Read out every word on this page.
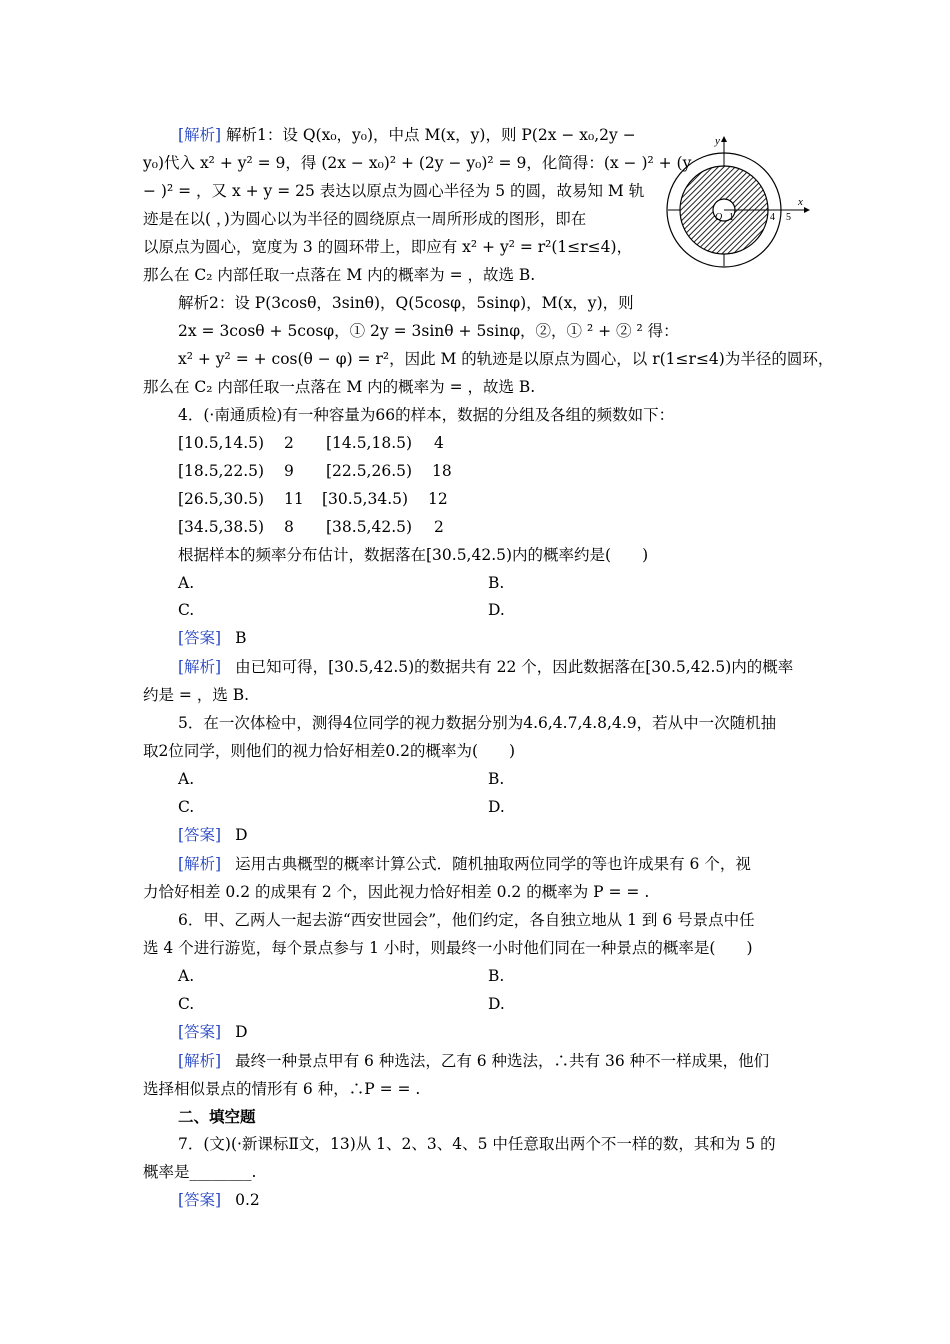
[解析] 解析1：设 Q(x₀，y₀)，中点 M(x，y)，则 P(2x − x₀,2y −
y₀)代入 x² + y² = 9，得 (2x − x₀)² + (2y − y₀)² = 9，化简得：(x − )² + (y
− )² = ，又 x + y = 25 表达以原点为圆心半径为 5 的圆，故易知 M 轨
迹是在以( ，)为圆心以为半径的圆绕原点一周所形成的图形，即在
以原点为圆心，宽度为 3 的圆环带上，即应有 x² + y² = r²(1≤r≤4)，
那么在 C₂ 内部任取一点落在 M 内的概率为 = ，故选 B.
解析2：设 P(3cosθ，3sinθ)，Q(5cosφ，5sinφ)，M(x，y)，则
2x = 3cosθ + 5cosφ，① 2y = 3sinθ + 5sinφ，②，① ² + ② ² 得：
x² + y² = + cos(θ − φ) = r²，因此 M 的轨迹是以原点为圆心，以 r(1≤r≤4)为半径的圆环，
那么在 C₂ 内部任取一点落在 M 内的概率为 = ，故选 B.
y
x
O 1	4 5
4．(·南通质检)有一种容量为66的样本，数据的分组及各组的频数如下：
[10.5,14.5) 2 [14.5,18.5) 4
[18.5,22.5) 9 [22.5,26.5) 18
[26.5,30.5) 11 [30.5,34.5) 12
[34.5,38.5) 8 [38.5,42.5) 2
根据样本的频率分布估计，数据落在[30.5,42.5)内的概率约是(　　)
A.	B.
C.	D.
[答案] B
[解析] 由已知可得，[30.5,42.5)的数据共有 22 个，因此数据落在[30.5,42.5)内的概率
约是 = ，选 B.
5．在一次体检中，测得4位同学的视力数据分别为4.6,4.7,4.8,4.9，若从中一次随机抽
取2位同学，则他们的视力恰好相差0.2的概率为(　　)
A.	B.
C.	D.
[答案] D
[解析] 运用古典概型的概率计算公式．随机抽取两位同学的等也许成果有 6 个，视
力恰好相差 0.2 的成果有 2 个，因此视力恰好相差 0.2 的概率为 P = = .
6．甲、乙两人一起去游“西安世园会”，他们约定，各自独立地从 1 到 6 号景点中任
选 4 个进行游览，每个景点参与 1 小时，则最终一小时他们同在一种景点的概率是(　　)
A.	B.
C.	D.
[答案] D
[解析] 最终一种景点甲有 6 种选法，乙有 6 种选法，∴共有 36 种不一样成果，他们
选择相似景点的情形有 6 种，∴P = = .
二、填空题
7．(文)(·新课标Ⅱ文，13)从 1、2、3、4、5 中任意取出两个不一样的数，其和为 5 的
概率是________.
[答案] 0.2
